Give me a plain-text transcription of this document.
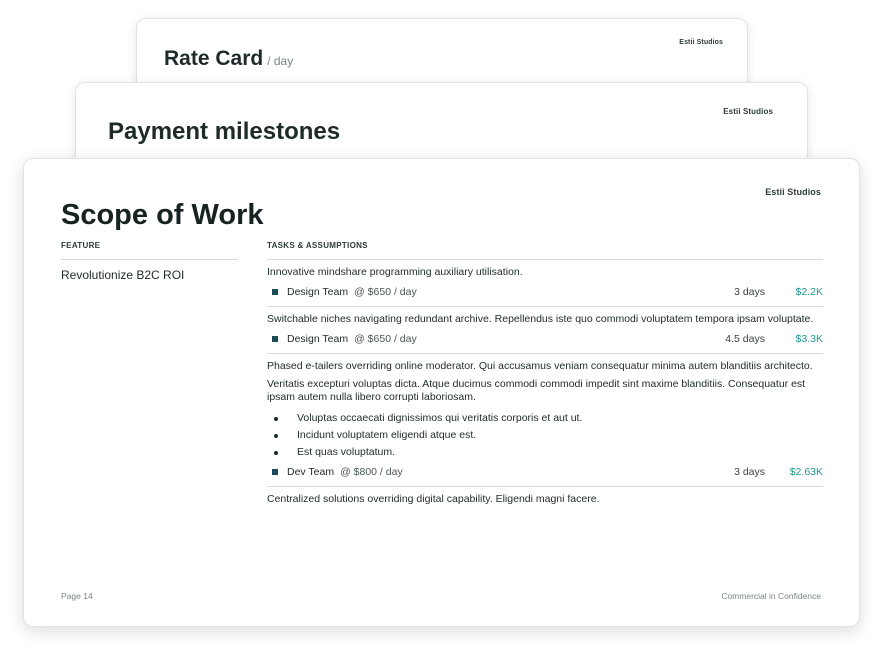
Estii Studios
Rate Card / day
Estii Studios
Payment milestones
Estii Studios
Scope of Work
FEATURE
Revolutionize B2C ROI
TASKS & ASSUMPTIONS
Innovative mindshare programming auxiliary utilisation.
Design Team @ $650 / day	3 days	$2.2K
Switchable niches navigating redundant archive. Repellendus iste quo commodi voluptatem tempora ipsam voluptate.
Design Team @ $650 / day	4.5 days	$3.3K
Phased e-tailers overriding online moderator. Qui accusamus veniam consequatur minima autem blanditiis architecto.
Veritatis excepturi voluptas dicta. Atque ducimus commodi commodi impedit sint maxime blanditiis. Consequatur est ipsam autem nulla libero corrupti laboriosam.
Voluptas occaecati dignissimos qui veritatis corporis et aut ut.
Incidunt voluptatem eligendi atque est.
Est quas voluptatum.
Dev Team @ $800 / day	3 days	$2.63K
Centralized solutions overriding digital capability. Eligendi magni facere.
Page 14	Commercial in Confidence
